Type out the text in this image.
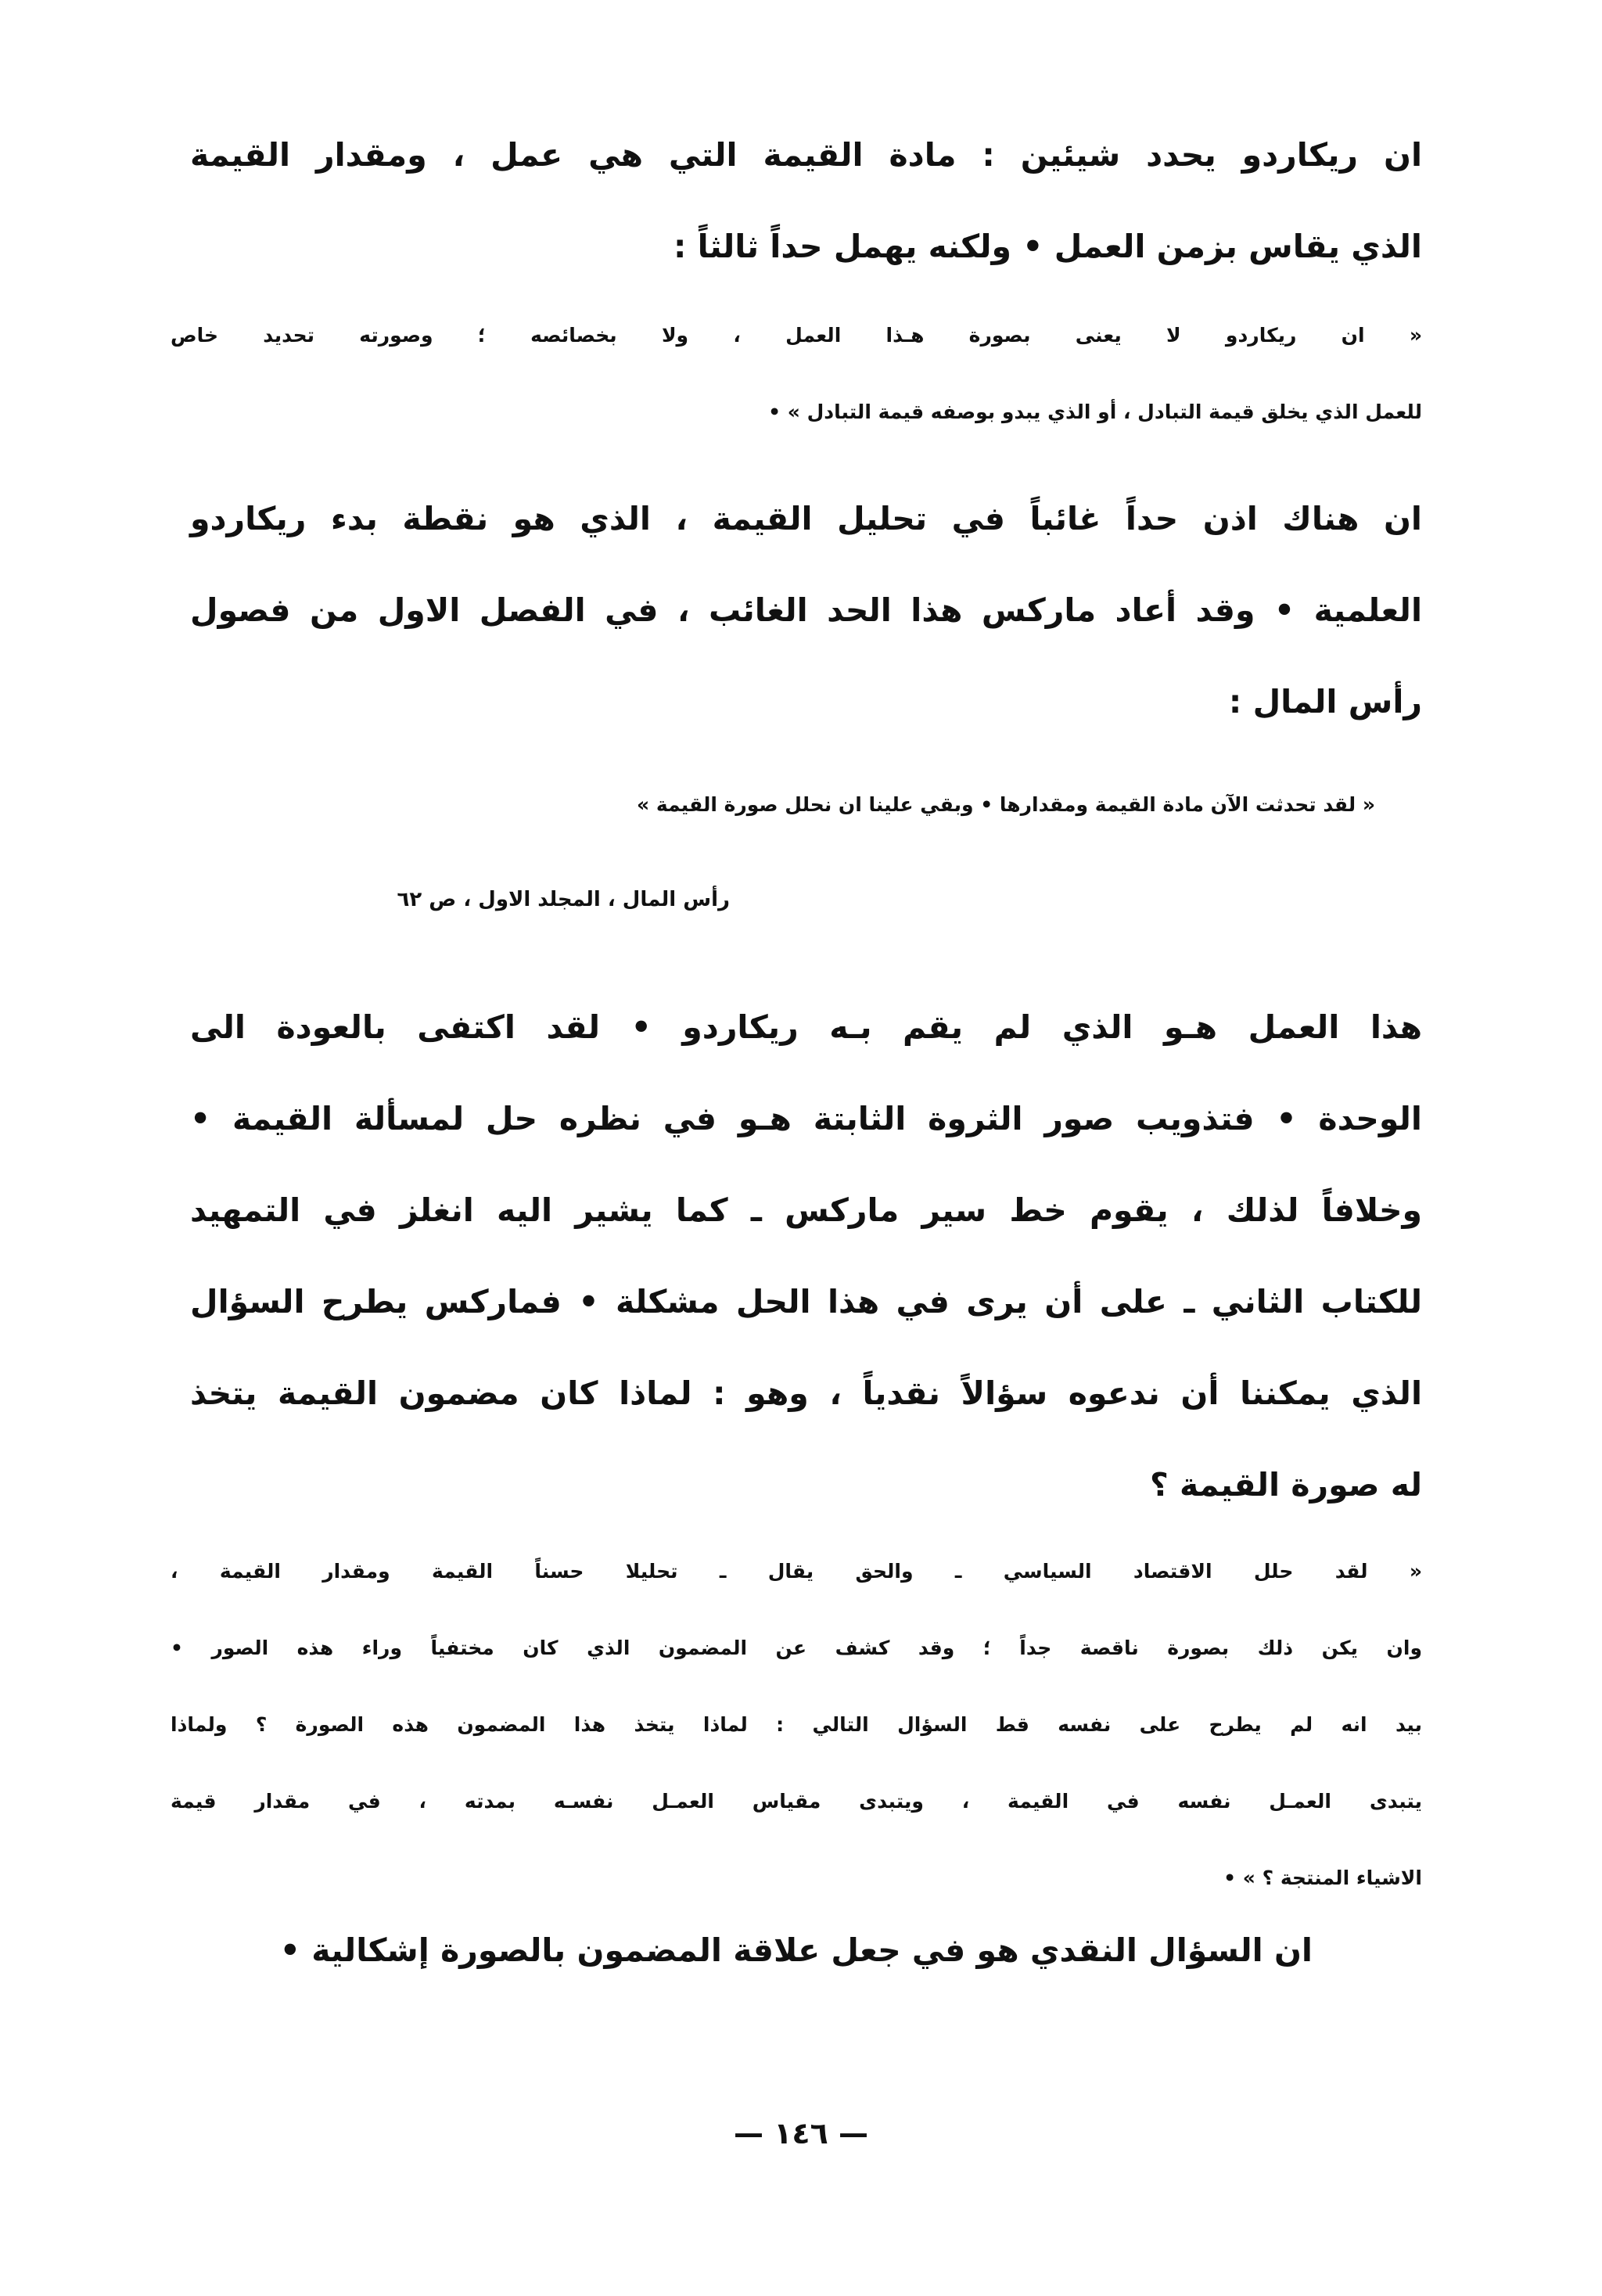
ان ريكاردو يحدد شيئين : مادة القيمة التي هي عمل ، ومقدار القيمة
الذي يقاس بزمن العمل • ولكنه يهمل حداً ثالثاً :
« ان ريكاردو لا يعنى بصورة هـذا العمل ، ولا بخصائصه ؛ وصورته تحديد خاص
للعمل الذي يخلق قيمة التبادل ، أو الذي يبدو بوصفه قيمة التبادل » •
ان هناك اذن حداً غائباً في تحليل القيمة ، الذي هو نقطة بدء ريكاردو
العلمية • وقد أعاد ماركس هذا الحد الغائب ، في الفصل الاول من فصول
رأس المال :
« لقد تحدثت الآن مادة القيمة ومقدارها • وبقي علينا ان نحلل صورة القيمة »
رأس المال ، المجلد الاول ، ص ٦٢
هذا العمل هـو الذي لم يقم بـه ريكاردو • لقد اكتفى بالعودة الى
الوحدة • فتذويب صور الثروة الثابتة هـو في نظره حل لمسألة القيمة •
وخلافاً لذلك ، يقوم خط سير ماركس ـ كما يشير اليه انغلز في التمهيد
للكتاب الثاني ـ على أن يرى في هذا الحل مشكلة • فماركس يطرح السؤال
الذي يمكننا أن ندعوه سؤالاً نقدياً ، وهو : لماذا كان مضمون القيمة يتخذ
له صورة القيمة ؟
« لقد حلل الاقتصاد السياسي ـ والحق يقال ـ تحليلا حسناً القيمة ومقدار القيمة ،
وان يكن ذلك بصورة ناقصة جداً ؛ وقد كشف عن المضمون الذي كان مختفياً وراء هذه الصور •
بيد انه لم يطرح على نفسه قط السؤال التالي : لماذا يتخذ هذا المضمون هذه الصورة ؟ ولماذا
يتبدى العمـل نفسه في القيمة ، ويتبدى مقياس العمـل نفسـه بمدته ، في مقدار قيمة
الاشياء المنتجة ؟ » •
ان السؤال النقدي هو في جعل علاقة المضمون بالصورة إشكالية •
— ١٤٦ —
